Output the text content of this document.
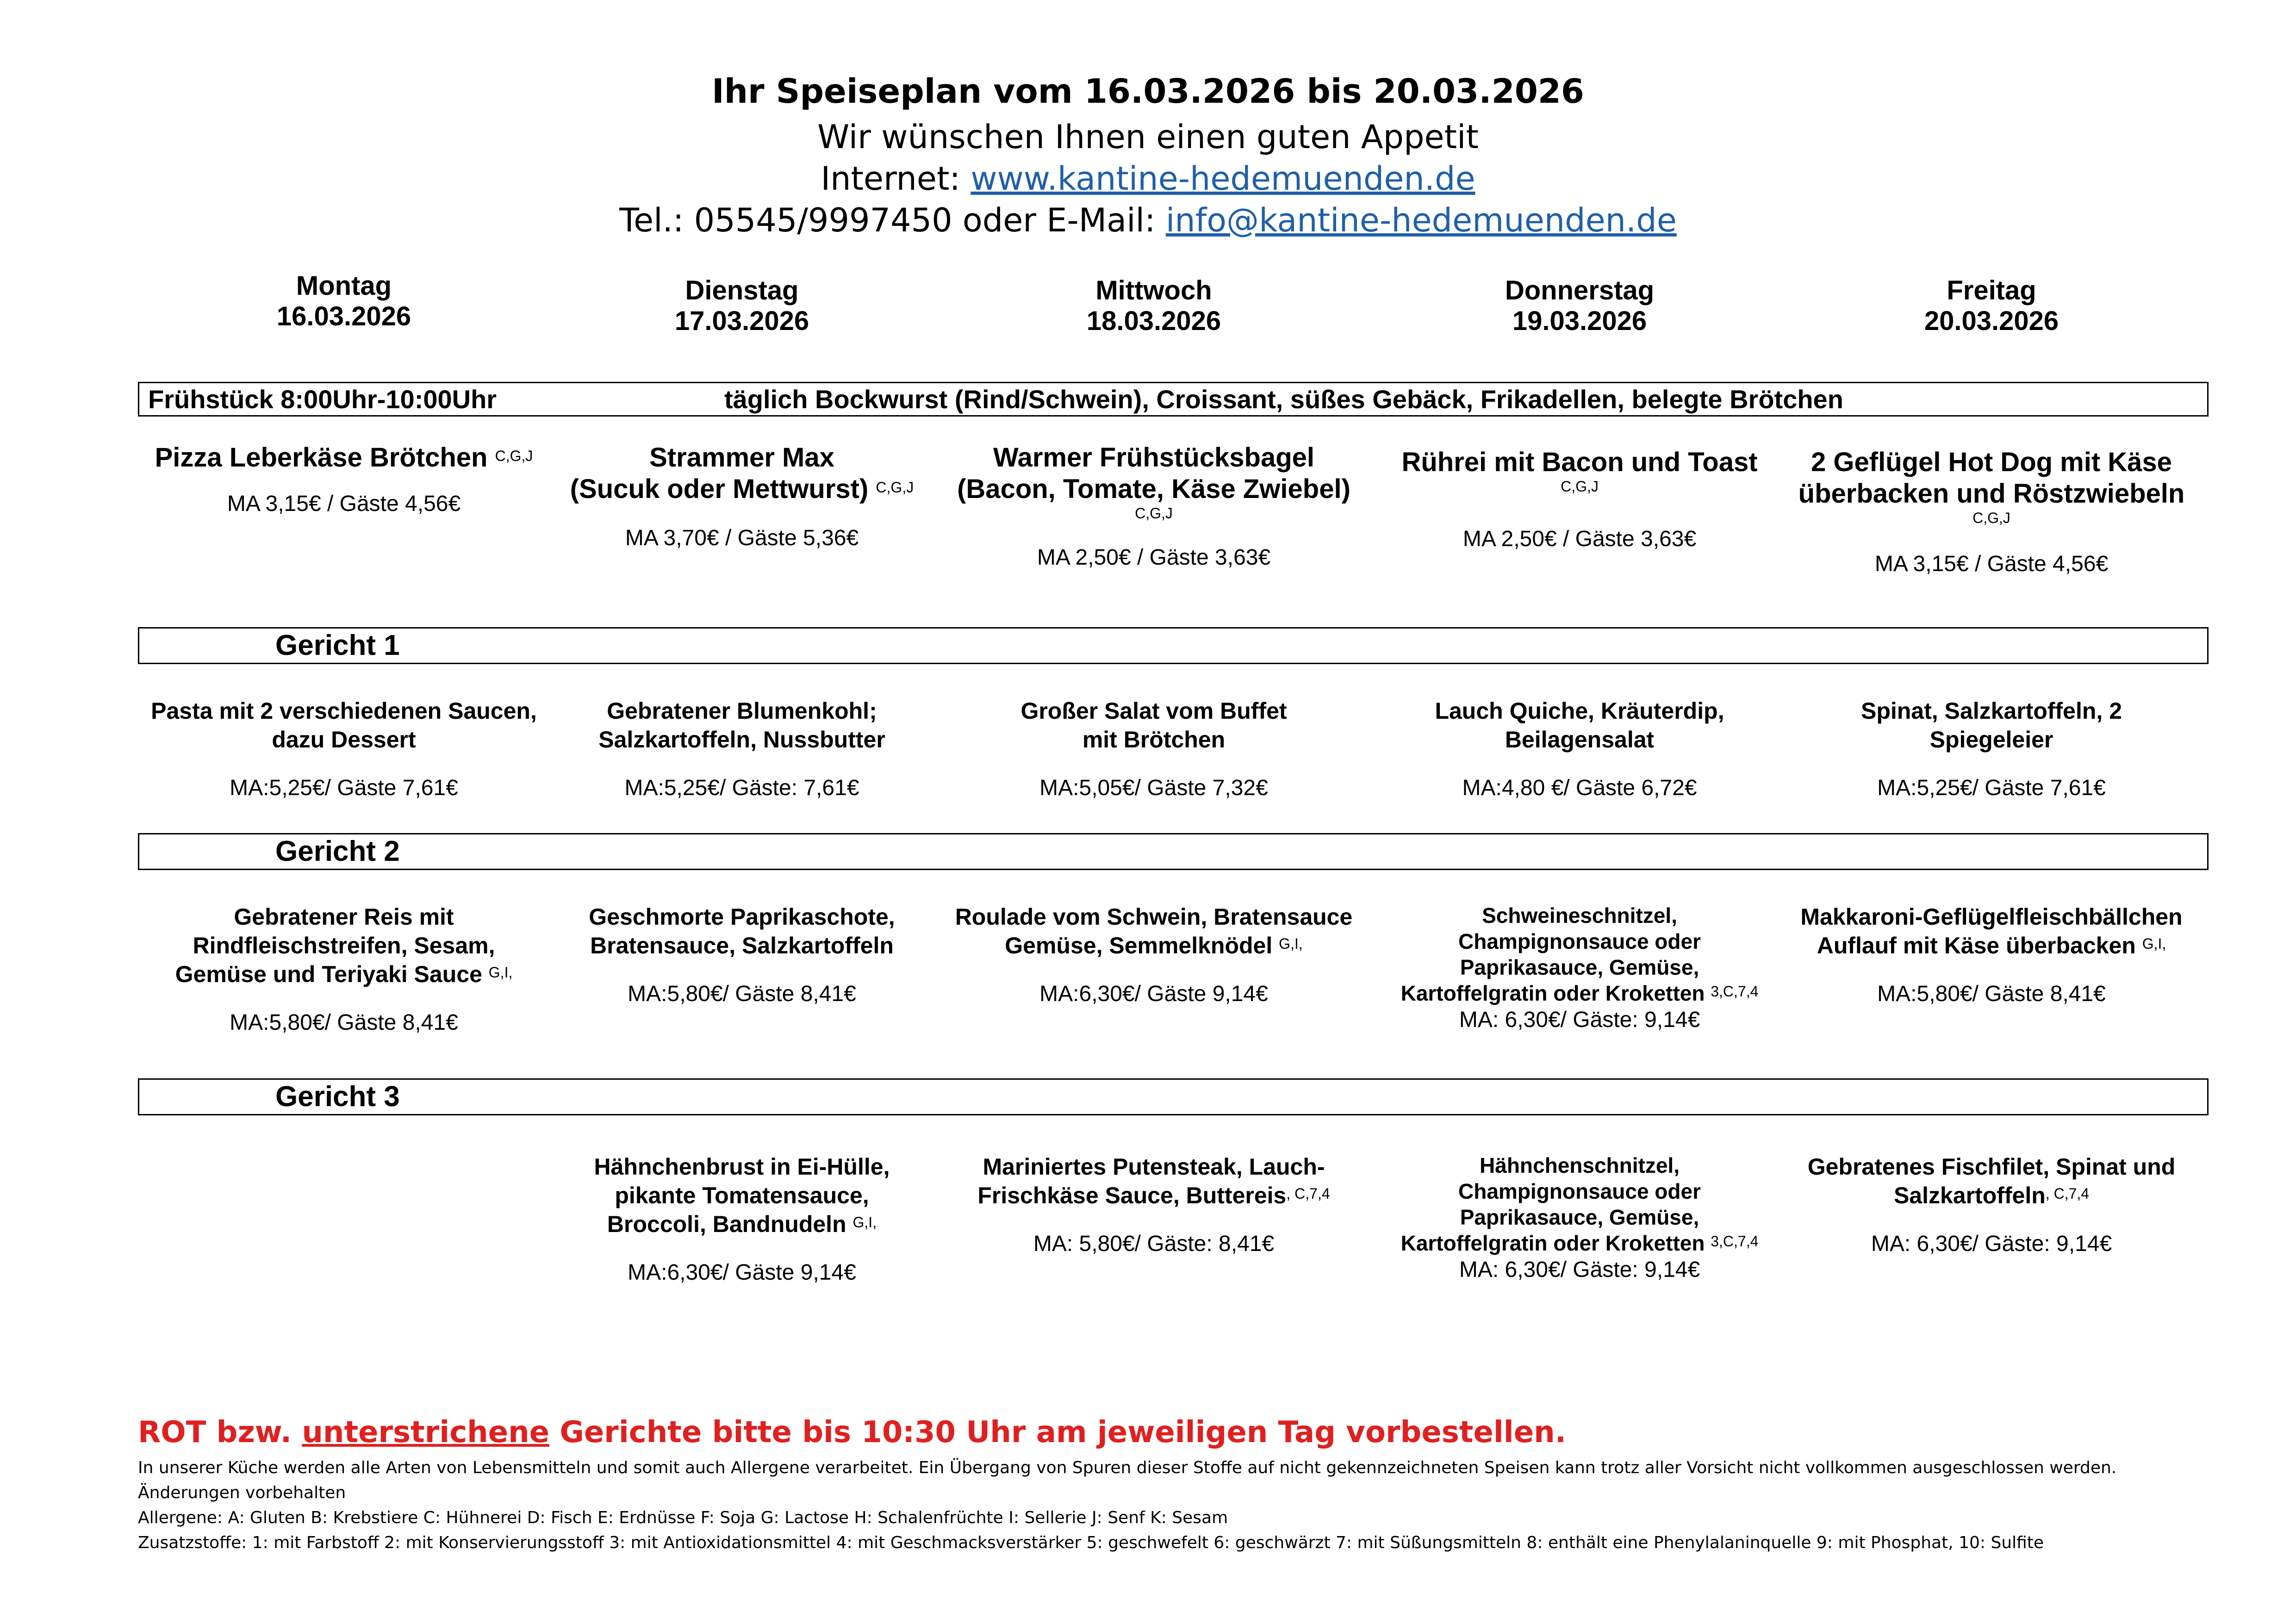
Ihr Speiseplan vom 16.03.2026 bis 20.03.2026
Wir wünschen Ihnen einen guten Appetit
Internet: www.kantine-hedemuenden.de
Tel.: 05545/9997450 oder E-Mail: info@kantine-hedemuenden.de
Montag
16.03.2026
Dienstag
17.03.2026
Mittwoch
18.03.2026
Donnerstag
19.03.2026
Freitag
20.03.2026
Frühstück 8:00Uhr-10:00Uhr	täglich Bockwurst (Rind/Schwein), Croissant, süßes Gebäck, Frikadellen, belegte Brötchen
Pizza Leberkäse Brötchen $^{C,G,J}$
MA 3,15€ / Gäste 4,56€
Strammer Max
(Sucuk oder Mettwurst) $^{C,G,J}$
MA 3,70€ / Gäste 5,36€
Warmer Frühstücksbagel
(Bacon, Tomate, Käse Zwiebel)
C,G,J
MA 2,50€ / Gäste 3,63€
Rührei mit Bacon und Toast
C,G,J
MA 2,50€ / Gäste 3,63€
2 Geflügel Hot Dog mit Käse
überbacken und Röstzwiebeln
C,G,J
MA 3,15€ / Gäste 4,56€
Gericht 1
Pasta mit 2 verschiedenen Saucen,
dazu Dessert
MA:5,25€/ Gäste 7,61€
Gebratener Blumenkohl;
Salzkartoffeln, Nussbutter
MA:5,25€/ Gäste: 7,61€
Großer Salat vom Buffet
mit Brötchen
MA:5,05€/ Gäste 7,32€
Lauch Quiche, Kräuterdip,
Beilagensalat
MA:4,80 €/ Gäste 6,72€
Spinat, Salzkartoffeln, 2
Spiegeleier
MA:5,25€/ Gäste 7,61€
Gericht 2
Gebratener Reis mit
Rindfleischstreifen, Sesam,
Gemüse und Teriyaki Sauce $^{G,I,}$
MA:5,80€/ Gäste 8,41€
Geschmorte Paprikaschote,
Bratensauce, Salzkartoffeln
MA:5,80€/ Gäste 8,41€
Roulade vom Schwein, Bratensauce
Gemüse, Semmelknödel $^{G,I,}$
MA:6,30€/ Gäste 9,14€
Schweineschnitzel,
Champignonsauce oder
Paprikasauce, Gemüse,
Kartoffelgratin oder Kroketten $^{3,C,7,4}$
MA: 6,30€/ Gäste: 9,14€
Makkaroni-Geflügelfleischbällchen
Auflauf mit Käse überbacken $^{G,I,}$
MA:5,80€/ Gäste 8,41€
Gericht 3
Hähnchenbrust in Ei-Hülle,
pikante Tomatensauce,
Broccoli, Bandnudeln $^{G,I,}$
MA:6,30€/ Gäste 9,14€
Mariniertes Putensteak, Lauch-
Frischkäse Sauce, Buttereis$^{, C,7,4}$
MA: 5,80€/ Gäste: 8,41€
Hähnchenschnitzel,
Champignonsauce oder
Paprikasauce, Gemüse,
Kartoffelgratin oder Kroketten $^{3,C,7,4}$
MA: 6,30€/ Gäste: 9,14€
Gebratenes Fischfilet, Spinat und
Salzkartoffeln$^{, C,7,4}$
MA: 6,30€/ Gäste: 9,14€
ROT bzw. unterstrichene Gerichte bitte bis 10:30 Uhr am jeweiligen Tag vorbestellen.
In unserer Küche werden alle Arten von Lebensmitteln und somit auch Allergene verarbeitet. Ein Übergang von Spuren dieser Stoffe auf nicht gekennzeichneten Speisen kann trotz aller Vorsicht nicht vollkommen ausgeschlossen werden.
Änderungen vorbehalten
Allergene: A: Gluten B: Krebstiere C: Hühnerei D: Fisch E: Erdnüsse F: Soja G: Lactose H: Schalenfrüchte I: Sellerie J: Senf K: Sesam
Zusatzstoffe: 1: mit Farbstoff 2: mit Konservierungsstoff 3: mit Antioxidationsmittel 4: mit Geschmacksverstärker 5: geschwefelt 6: geschwärzt 7: mit Süßungsmitteln 8: enthält eine Phenylalaninquelle 9: mit Phosphat, 10: Sulfite
